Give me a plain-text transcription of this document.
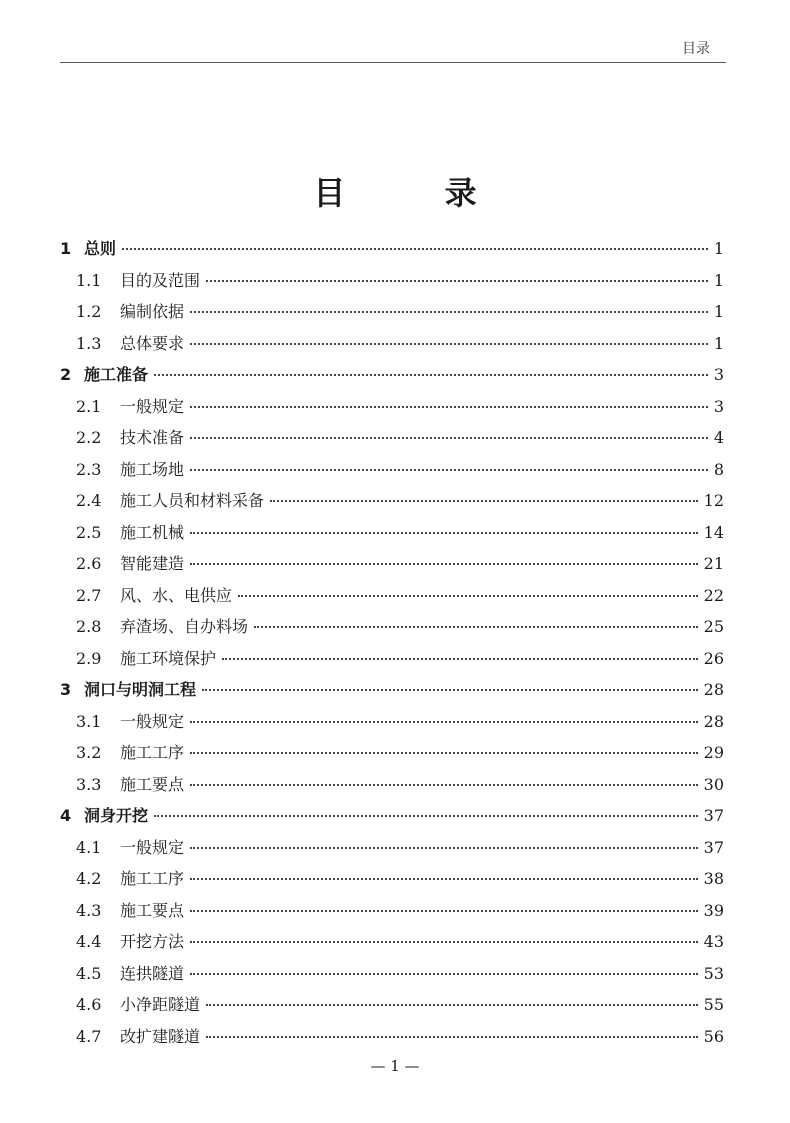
目录
目 录
1 总则	1
1.1	目的及范围	1
1.2	编制依据	1
1.3	总体要求	1
2 施工准备	3
2.1	一般规定	3
2.2	技术准备	4
2.3	施工场地	8
2.4	施工人员和材料采备	12
2.5	施工机械	14
2.6	智能建造	21
2.7	风、水、电供应	22
2.8	弃渣场、自办料场	25
2.9	施工环境保护	26
3 洞口与明洞工程	28
3.1	一般规定	28
3.2	施工工序	29
3.3	施工要点	30
4 洞身开挖	37
4.1	一般规定	37
4.2	施工工序	38
4.3	施工要点	39
4.4	开挖方法	43
4.5	连拱隧道	53
4.6	小净距隧道	55
4.7	改扩建隧道	56
— 1 —
